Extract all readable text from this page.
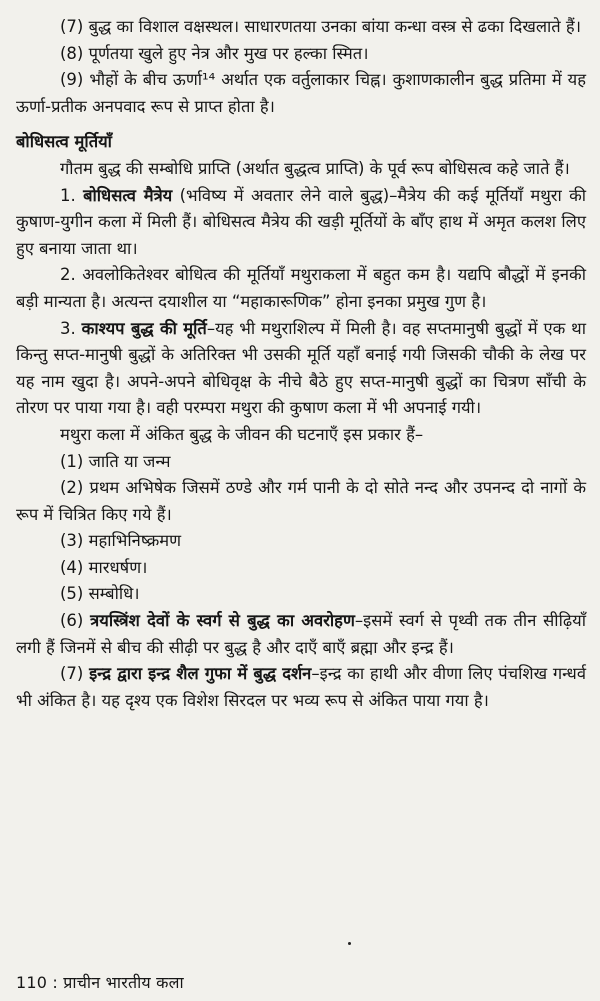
(7) बुद्ध का विशाल वक्षस्थल। साधारणतया उनका बांया कन्धा वस्त्र से ढका दिखलाते हैं।

(8) पूर्णतया खुले हुए नेत्र और मुख पर हल्का स्मित।

(9) भौहों के बीच ऊर्णा¹⁴ अर्थात एक वर्तुलाकार चिह्न। कुशाणकालीन बुद्ध प्रतिमा में यह ऊर्णा-प्रतीक अनपवाद रूप से प्राप्त होता है।

बोधिसत्व मूर्तियाँ

गौतम बुद्ध की सम्बोधि प्राप्ति (अर्थात बुद्धत्व प्राप्ति) के पूर्व रूप बोधिसत्व कहे जाते हैं।

1. बोधिसत्व मैत्रेय (भविष्य में अवतार लेने वाले बुद्ध)–मैत्रेय की कई मूर्तियाँ मथुरा की कुषाण-युगीन कला में मिली हैं। बोधिसत्व मैत्रेय की खड़ी मूर्तियों के बाँए हाथ में अमृत कलश लिए हुए बनाया जाता था।

2. अवलोकितेश्वर बोधित्व की मूर्तियाँ मथुराकला में बहुत कम है। यद्यपि बौद्धों में इनकी बड़ी मान्यता है। अत्यन्त दयाशील या “महाकारूणिक” होना इनका प्रमुख गुण है।

3. काश्यप बुद्ध की मूर्ति–यह भी मथुराशिल्प में मिली है। वह सप्तमानुषी बुद्धों में एक था किन्तु सप्त-मानुषी बुद्धों के अतिरिक्त भी उसकी मूर्ति यहाँ बनाई गयी जिसकी चौकी के लेख पर यह नाम खुदा है। अपने-अपने बोधिवृक्ष के नीचे बैठे हुए सप्त-मानुषी बुद्धों का चित्रण साँची के तोरण पर पाया गया है। वही परम्परा मथुरा की कुषाण कला में भी अपनाई गयी।

मथुरा कला में अंकित बुद्ध के जीवन की घटनाएँ इस प्रकार हैं–

(1) जाति या जन्म

(2) प्रथम अभिषेक जिसमें ठण्डे और गर्म पानी के दो सोते नन्द और उपनन्द दो नागों के रूप में चित्रित किए गये हैं।

(3) महाभिनिष्क्रमण

(4) मारधर्षण।

(5) सम्बोधि।

(6) त्रयस्त्रिंश देवों के स्वर्ग से बुद्ध का अवरोहण–इसमें स्वर्ग से पृथ्वी तक तीन सीढ़ियाँ लगी हैं जिनमें से बीच की सीढ़ी पर बुद्ध है और दाएँ बाएँ ब्रह्मा और इन्द्र हैं।

(7) इन्द्र द्वारा इन्द्र शैल गुफा में बुद्ध दर्शन–इन्द्र का हाथी और वीणा लिए पंचशिख गन्धर्व भी अंकित है। यह दृश्य एक विशेश सिरदल पर भव्य रूप से अंकित पाया गया है।

110 : प्राचीन भारतीय कला
